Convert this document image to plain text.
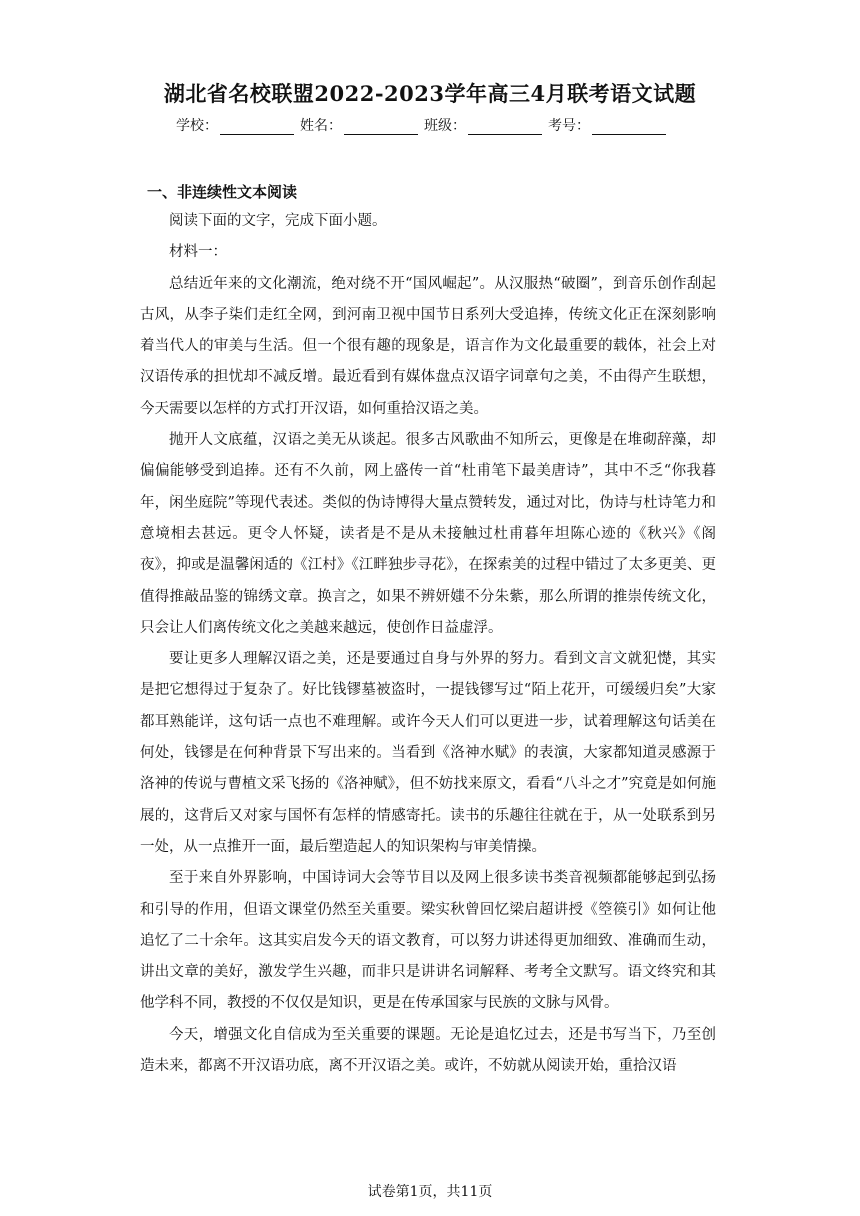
湖北省名校联盟2022-2023学年高三4月联考语文试题
学校：	姓名：	班级：	考号：
一、非连续性文本阅读

阅读下面的文字，完成下面小题。

材料一：

总结近年来的文化潮流，绝对绕不开“国风崛起”。从汉服热“破圈”，到音乐创作刮起古风，从李子柒们走红全网，到河南卫视中国节日系列大受追捧，传统文化正在深刻影响着当代人的审美与生活。但一个很有趣的现象是，语言作为文化最重要的载体，社会上对汉语传承的担忧却不减反增。最近看到有媒体盘点汉语字词章句之美，不由得产生联想，今天需要以怎样的方式打开汉语，如何重拾汉语之美。

抛开人文底蕴，汉语之美无从谈起。很多古风歌曲不知所云，更像是在堆砌辞藻，却偏偏能够受到追捧。还有不久前，网上盛传一首“杜甫笔下最美唐诗”，其中不乏“你我暮年，闲坐庭院”等现代表述。类似的伪诗博得大量点赞转发，通过对比，伪诗与杜诗笔力和意境相去甚远。更令人怀疑，读者是不是从未接触过杜甫暮年坦陈心迹的《秋兴》《阁夜》，抑或是温馨闲适的《江村》《江畔独步寻花》，在探索美的过程中错过了太多更美、更值得推敲品鉴的锦绣文章。换言之，如果不辨妍媸不分朱紫，那么所谓的推崇传统文化，只会让人们离传统文化之美越来越远，使创作日益虚浮。

要让更多人理解汉语之美，还是要通过自身与外界的努力。看到文言文就犯憷，其实是把它想得过于复杂了。好比钱镠墓被盗时，一提钱镠写过“陌上花开，可缓缓归矣”大家都耳熟能详，这句话一点也不难理解。或许今天人们可以更进一步，试着理解这句话美在何处，钱镠是在何种背景下写出来的。当看到《洛神水赋》的表演，大家都知道灵感源于洛神的传说与曹植文采飞扬的《洛神赋》，但不妨找来原文，看看“八斗之才”究竟是如何施展的，这背后又对家与国怀有怎样的情感寄托。读书的乐趣往往就在于，从一处联系到另一处，从一点推开一面，最后塑造起人的知识架构与审美情操。

至于来自外界影响，中国诗词大会等节目以及网上很多读书类音视频都能够起到弘扬和引导的作用，但语文课堂仍然至关重要。梁实秋曾回忆梁启超讲授《箜篌引》如何让他追忆了二十余年。这其实启发今天的语文教育，可以努力讲述得更加细致、准确而生动，讲出文章的美好，激发学生兴趣，而非只是讲讲名词解释、考考全文默写。语文终究和其他学科不同，教授的不仅仅是知识，更是在传承国家与民族的文脉与风骨。

今天，增强文化自信成为至关重要的课题。无论是追忆过去，还是书写当下，乃至创造未来，都离不开汉语功底，离不开汉语之美。或许，不妨就从阅读开始，重拾汉语

试卷第1页，共11页
